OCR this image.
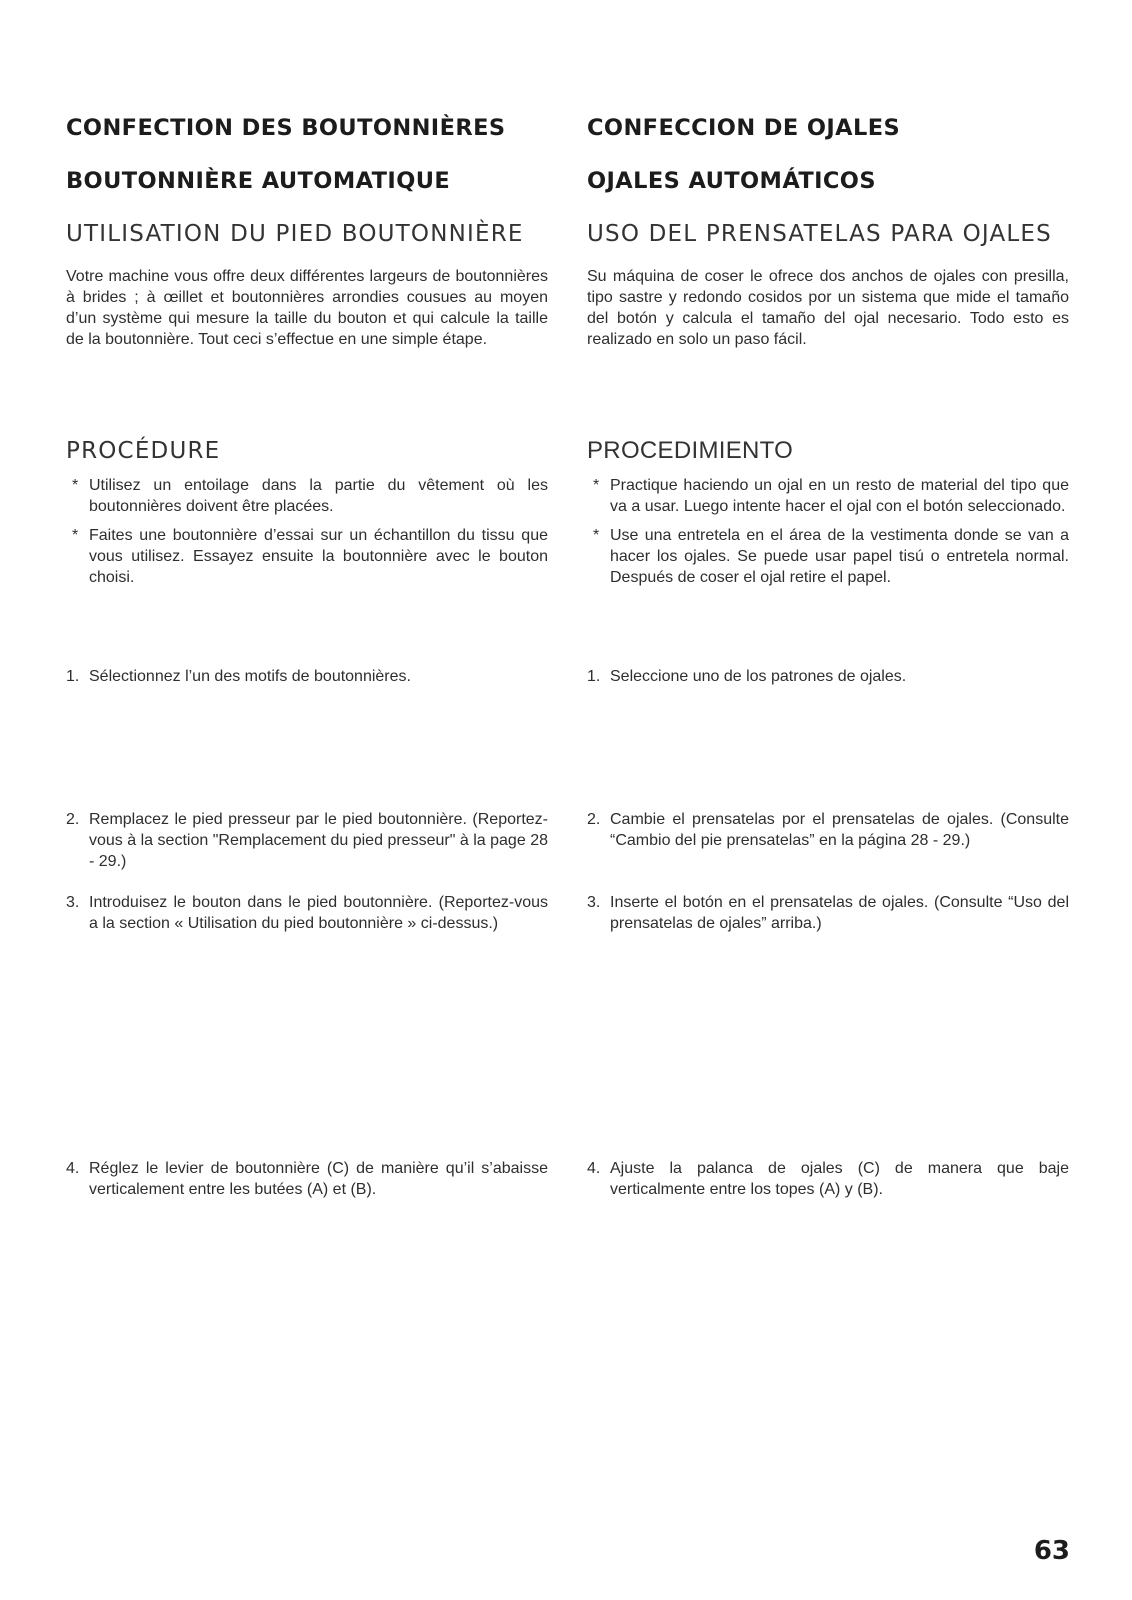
CONFECTION DES BOUTONNIÈRES
BOUTONNIÈRE AUTOMATIQUE
UTILISATION DU PIED BOUTONNIÈRE
Votre machine vous offre deux différentes largeurs de boutonnières à brides ; à œillet et boutonnières arrondies cousues au moyen d’un système qui mesure la taille du bouton et qui calcule la taille de la boutonnière. Tout ceci s’effectue en une simple étape.
PROCÉDURE
* Utilisez un entoilage dans la partie du vêtement où les boutonnières doivent être placées.
* Faites une boutonnière d’essai sur un échantillon du tissu que vous utilisez. Essayez ensuite la boutonnière avec le bouton choisi.
1. Sélectionnez l’un des motifs de boutonnières.
2. Remplacez le pied presseur par le pied boutonnière. (Reportez-vous à la section "Remplacement du pied presseur" à la page 28 - 29.)
3. Introduisez le bouton dans le pied boutonnière. (Reportez-vous a la section « Utilisation du pied boutonnière » ci-dessus.)
4. Réglez le levier de boutonnière (C) de manière qu’il s’abaisse verticalement entre les butées (A) et (B).
CONFECCION DE OJALES
OJALES AUTOMÁTICOS
USO DEL PRENSATELAS PARA OJALES
Su máquina de coser le ofrece dos anchos de ojales con presilla, tipo sastre y redondo cosidos por un sistema que mide el tamaño del botón y calcula el tamaño del ojal necesario. Todo esto es realizado en solo un paso fácil.
PROCEDIMIENTO
* Practique haciendo un ojal en un resto de material del tipo que va a usar. Luego intente hacer el ojal con el botón seleccionado.
* Use una entretela en el área de la vestimenta donde se van a hacer los ojales. Se puede usar papel tisú o entretela normal. Después de coser el ojal retire el papel.
1. Seleccione uno de los patrones de ojales.
2. Cambie el prensatelas por el prensatelas de ojales. (Consulte “Cambio del pie prensatelas” en la página 28 - 29.)
3. Inserte el botón en el prensatelas de ojales. (Consulte “Uso del prensatelas de ojales” arriba.)
4. Ajuste la palanca de ojales (C) de manera que baje verticalmente entre los topes (A) y (B).
63
